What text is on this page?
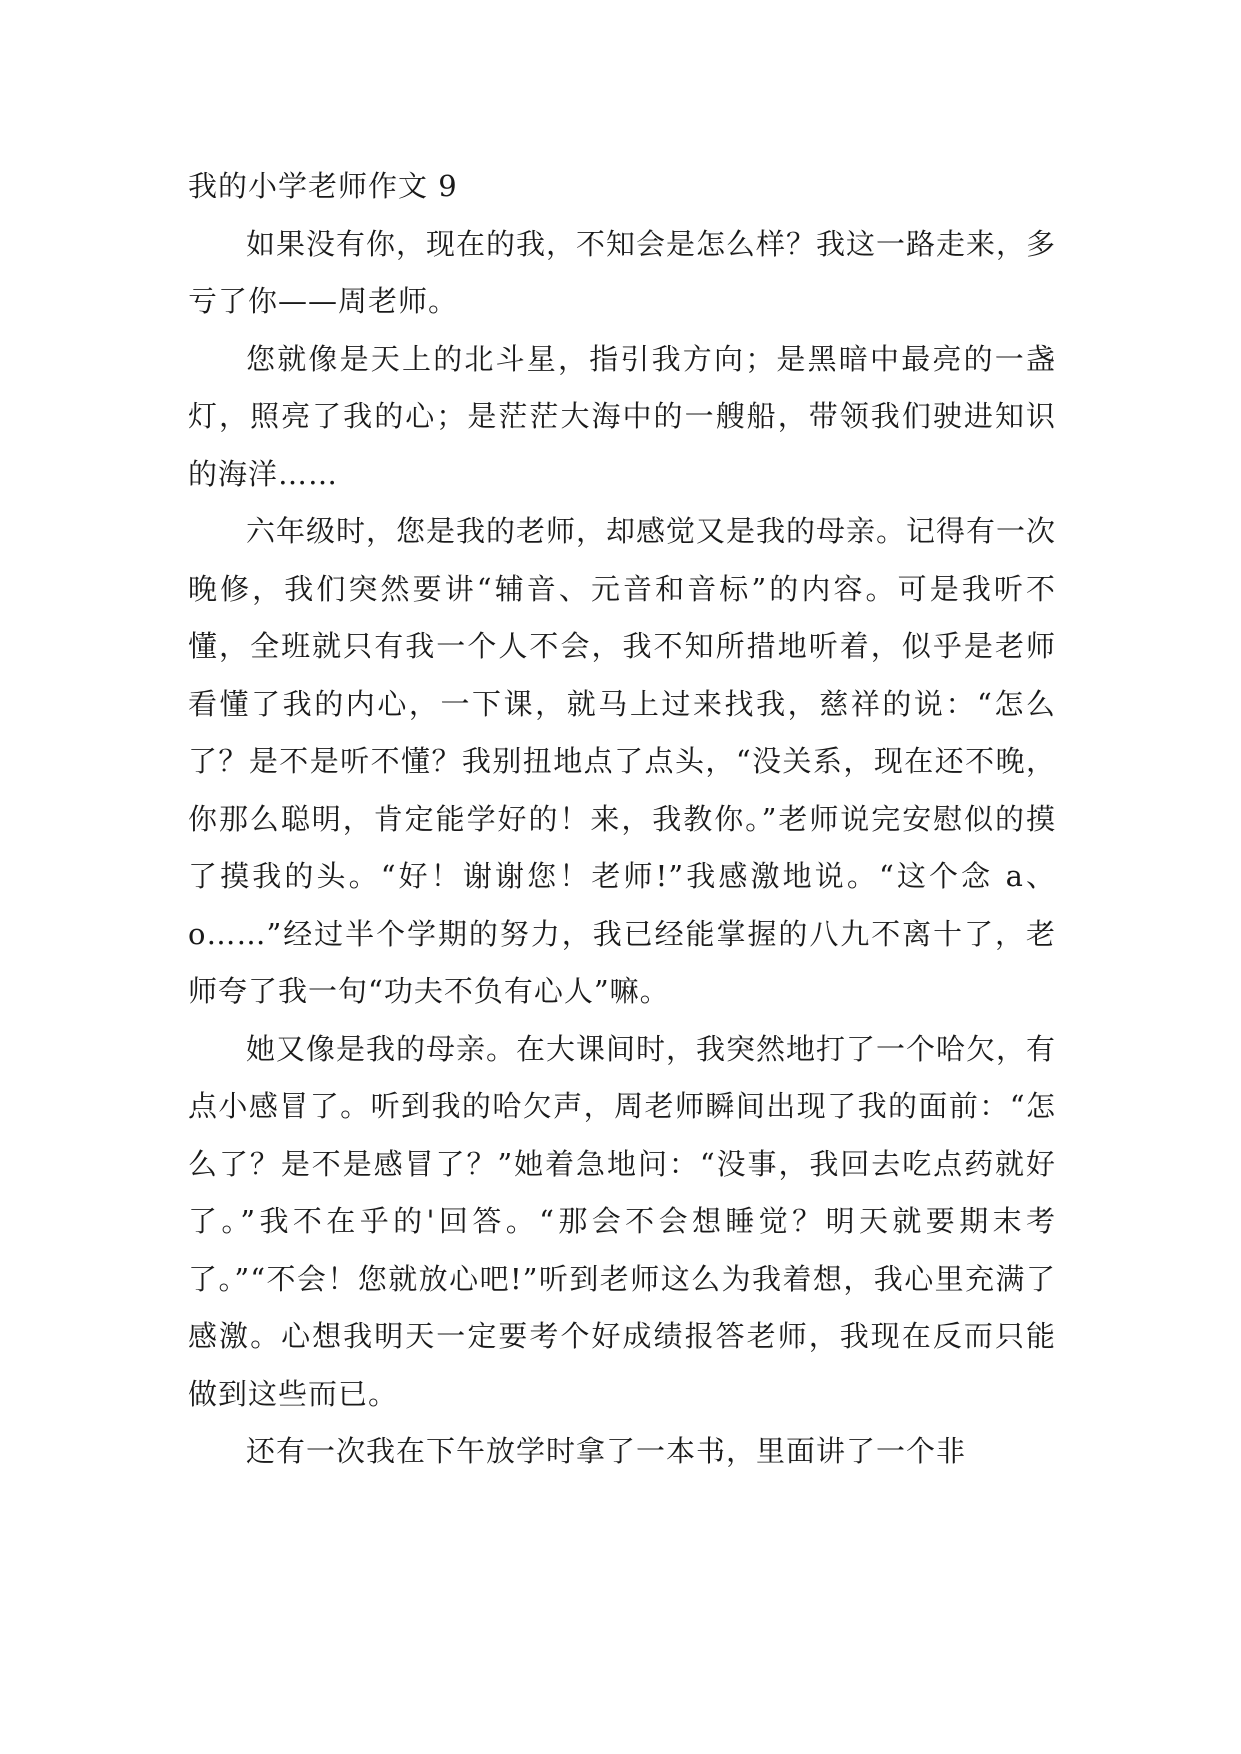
我的小学老师作文 9

如果没有你，现在的我，不知会是怎么样？我这一路走来，多亏了你——周老师。

您就像是天上的北斗星，指引我方向；是黑暗中最亮的一盏灯，照亮了我的心；是茫茫大海中的一艘船，带领我们驶进知识的海洋……

六年级时，您是我的老师，却感觉又是我的母亲。记得有一次晚修，我们突然要讲“辅音、元音和音标”的内容。可是我听不懂，全班就只有我一个人不会，我不知所措地听着，似乎是老师看懂了我的内心，一下课，就马上过来找我，慈祥的说：“怎么了？是不是听不懂？我别扭地点了点头，“没关系，现在还不晚，你那么聪明，肯定能学好的！来，我教你。”老师说完安慰似的摸了摸我的头。“好！谢谢您！老师!”我感激地说。“这个念 a、o……”经过半个学期的努力，我已经能掌握的八九不离十了，老师夸了我一句“功夫不负有心人”嘛。

她又像是我的母亲。在大课间时，我突然地打了一个哈欠，有点小感冒了。听到我的哈欠声，周老师瞬间出现了我的面前：“怎么了？是不是感冒了？”她着急地问：“没事，我回去吃点药就好了。”我不在乎的'回答。“那会不会想睡觉？明天就要期末考了。”“不会！您就放心吧!”听到老师这么为我着想，我心里充满了感激。心想我明天一定要考个好成绩报答老师，我现在反而只能做到这些而已。

还有一次我在下午放学时拿了一本书，里面讲了一个非
